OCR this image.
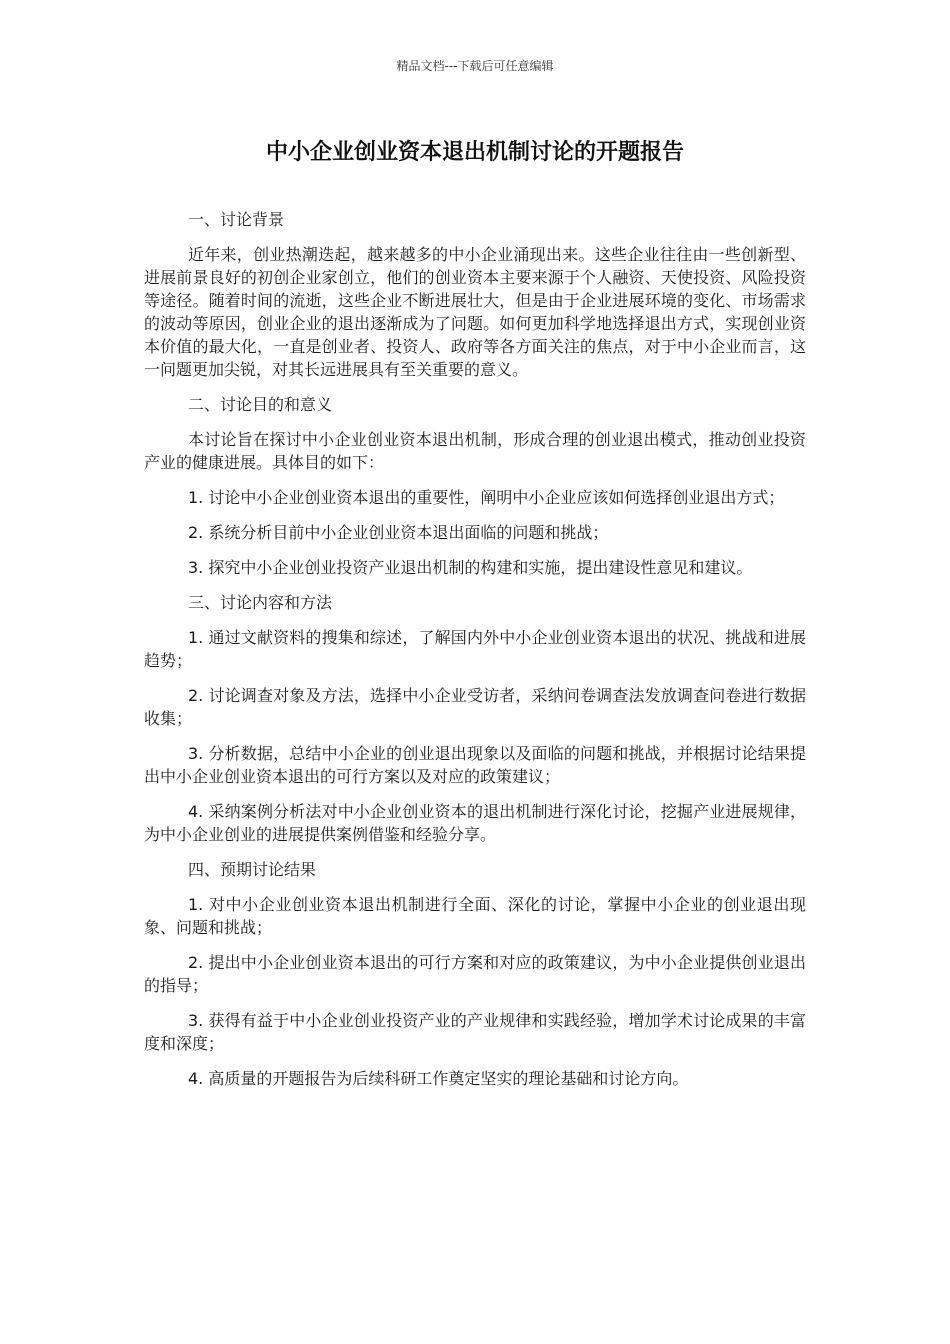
精品文档---下载后可任意编辑
中小企业创业资本退出机制讨论的开题报告

一、讨论背景

近年来，创业热潮迭起，越来越多的中小企业涌现出来。这些企业往往由一些创新型、进展前景良好的初创企业家创立，他们的创业资本主要来源于个人融资、天使投资、风险投资等途径。随着时间的流逝，这些企业不断进展壮大，但是由于企业进展环境的变化、市场需求的波动等原因，创业企业的退出逐渐成为了问题。如何更加科学地选择退出方式，实现创业资本价值的最大化，一直是创业者、投资人、政府等各方面关注的焦点，对于中小企业而言，这一问题更加尖锐，对其长远进展具有至关重要的意义。

二、讨论目的和意义

本讨论旨在探讨中小企业创业资本退出机制，形成合理的创业退出模式，推动创业投资产业的健康进展。具体目的如下：

1. 讨论中小企业创业资本退出的重要性，阐明中小企业应该如何选择创业退出方式；

2. 系统分析目前中小企业创业资本退出面临的问题和挑战；

3. 探究中小企业创业投资产业退出机制的构建和实施，提出建设性意见和建议。

三、讨论内容和方法

1. 通过文献资料的搜集和综述，了解国内外中小企业创业资本退出的状况、挑战和进展趋势；

2. 讨论调查对象及方法，选择中小企业受访者，采纳问卷调查法发放调查问卷进行数据收集；

3. 分析数据，总结中小企业的创业退出现象以及面临的问题和挑战，并根据讨论结果提出中小企业创业资本退出的可行方案以及对应的政策建议；

4. 采纳案例分析法对中小企业创业资本的退出机制进行深化讨论，挖掘产业进展规律，为中小企业创业的进展提供案例借鉴和经验分享。

四、预期讨论结果

1. 对中小企业创业资本退出机制进行全面、深化的讨论，掌握中小企业的创业退出现象、问题和挑战；

2. 提出中小企业创业资本退出的可行方案和对应的政策建议，为中小企业提供创业退出的指导；

3. 获得有益于中小企业创业投资产业的产业规律和实践经验，增加学术讨论成果的丰富度和深度；

4. 高质量的开题报告为后续科研工作奠定坚实的理论基础和讨论方向。
